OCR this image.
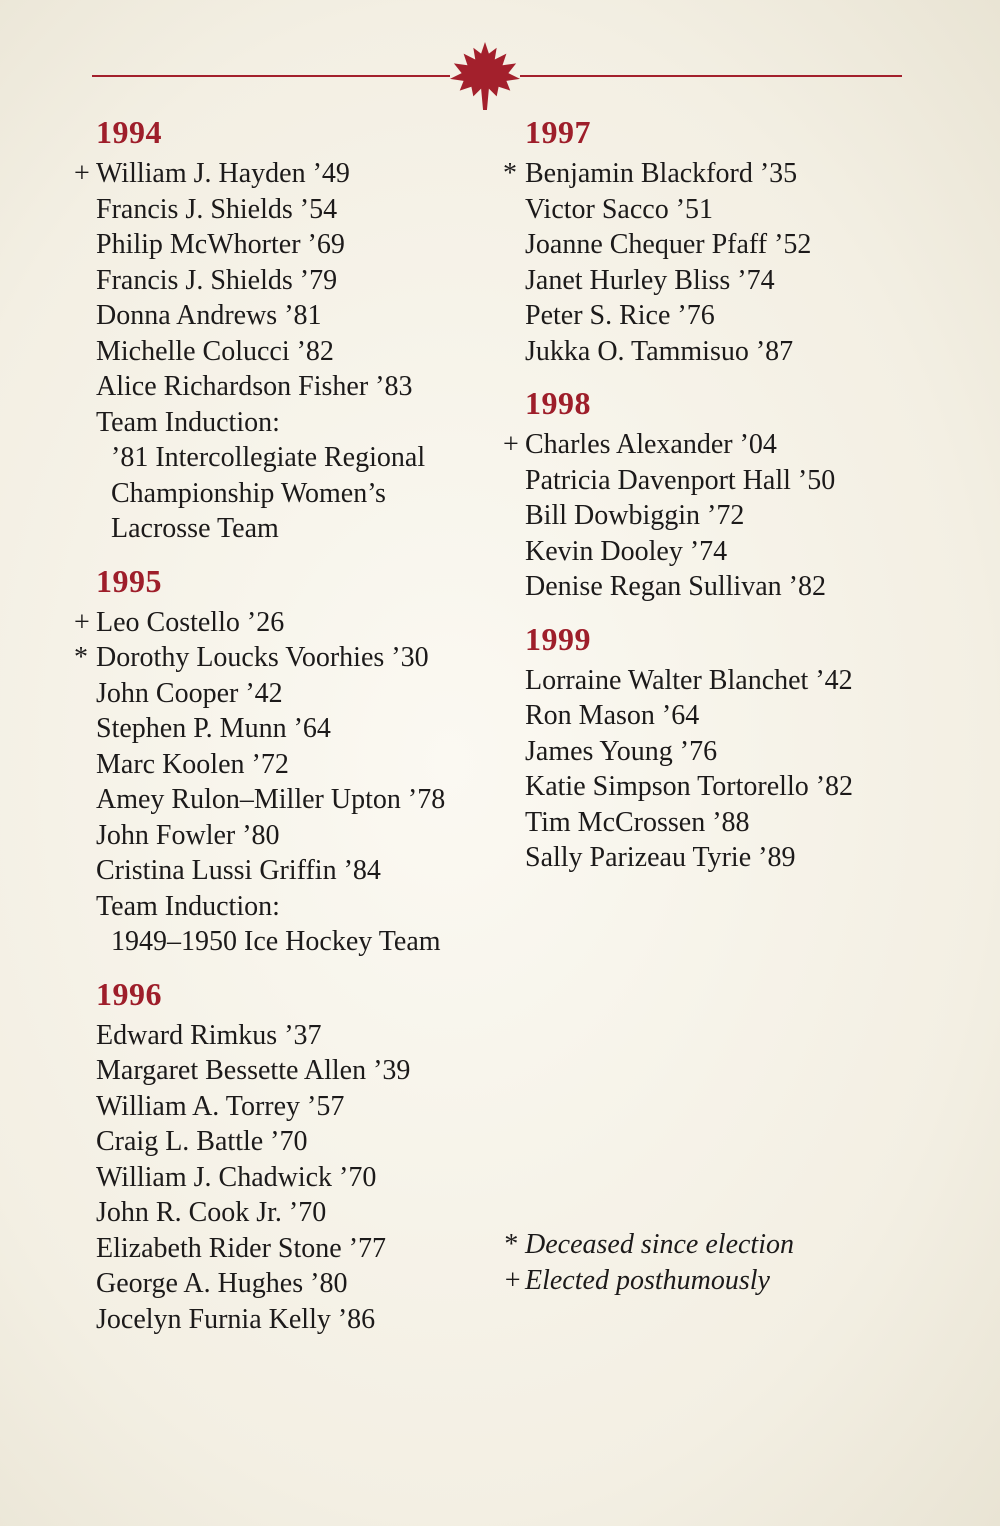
1994
+ William J. Hayden ’49
Francis J. Shields ’54
Philip McWhorter ’69
Francis J. Shields ’79
Donna Andrews ’81
Michelle Colucci ’82
Alice Richardson Fisher ’83
Team Induction:
’81 Intercollegiate Regional
Championship Women’s
Lacrosse Team
1995
+ Leo Costello ’26
* Dorothy Loucks Voorhies ’30
John Cooper ’42
Stephen P. Munn ’64
Marc Koolen ’72
Amey Rulon–Miller Upton ’78
John Fowler ’80
Cristina Lussi Griffin ’84
Team Induction:
1949–1950 Ice Hockey Team
1996
Edward Rimkus ’37
Margaret Bessette Allen ’39
William A. Torrey ’57
Craig L. Battle ’70
William J. Chadwick ’70
John R. Cook Jr. ’70
Elizabeth Rider Stone ’77
George A. Hughes ’80
Jocelyn Furnia Kelly ’86
1997
* Benjamin Blackford ’35
Victor Sacco ’51
Joanne Chequer Pfaff ’52
Janet Hurley Bliss ’74
Peter S. Rice ’76
Jukka O. Tammisuo ’87
1998
+ Charles Alexander ’04
Patricia Davenport Hall ’50
Bill Dowbiggin ’72
Kevin Dooley ’74
Denise Regan Sullivan ’82
1999
Lorraine Walter Blanchet ’42
Ron Mason ’64
James Young ’76
Katie Simpson Tortorello ’82
Tim McCrossen ’88
Sally Parizeau Tyrie ’89
* Deceased since election
+ Elected posthumously
